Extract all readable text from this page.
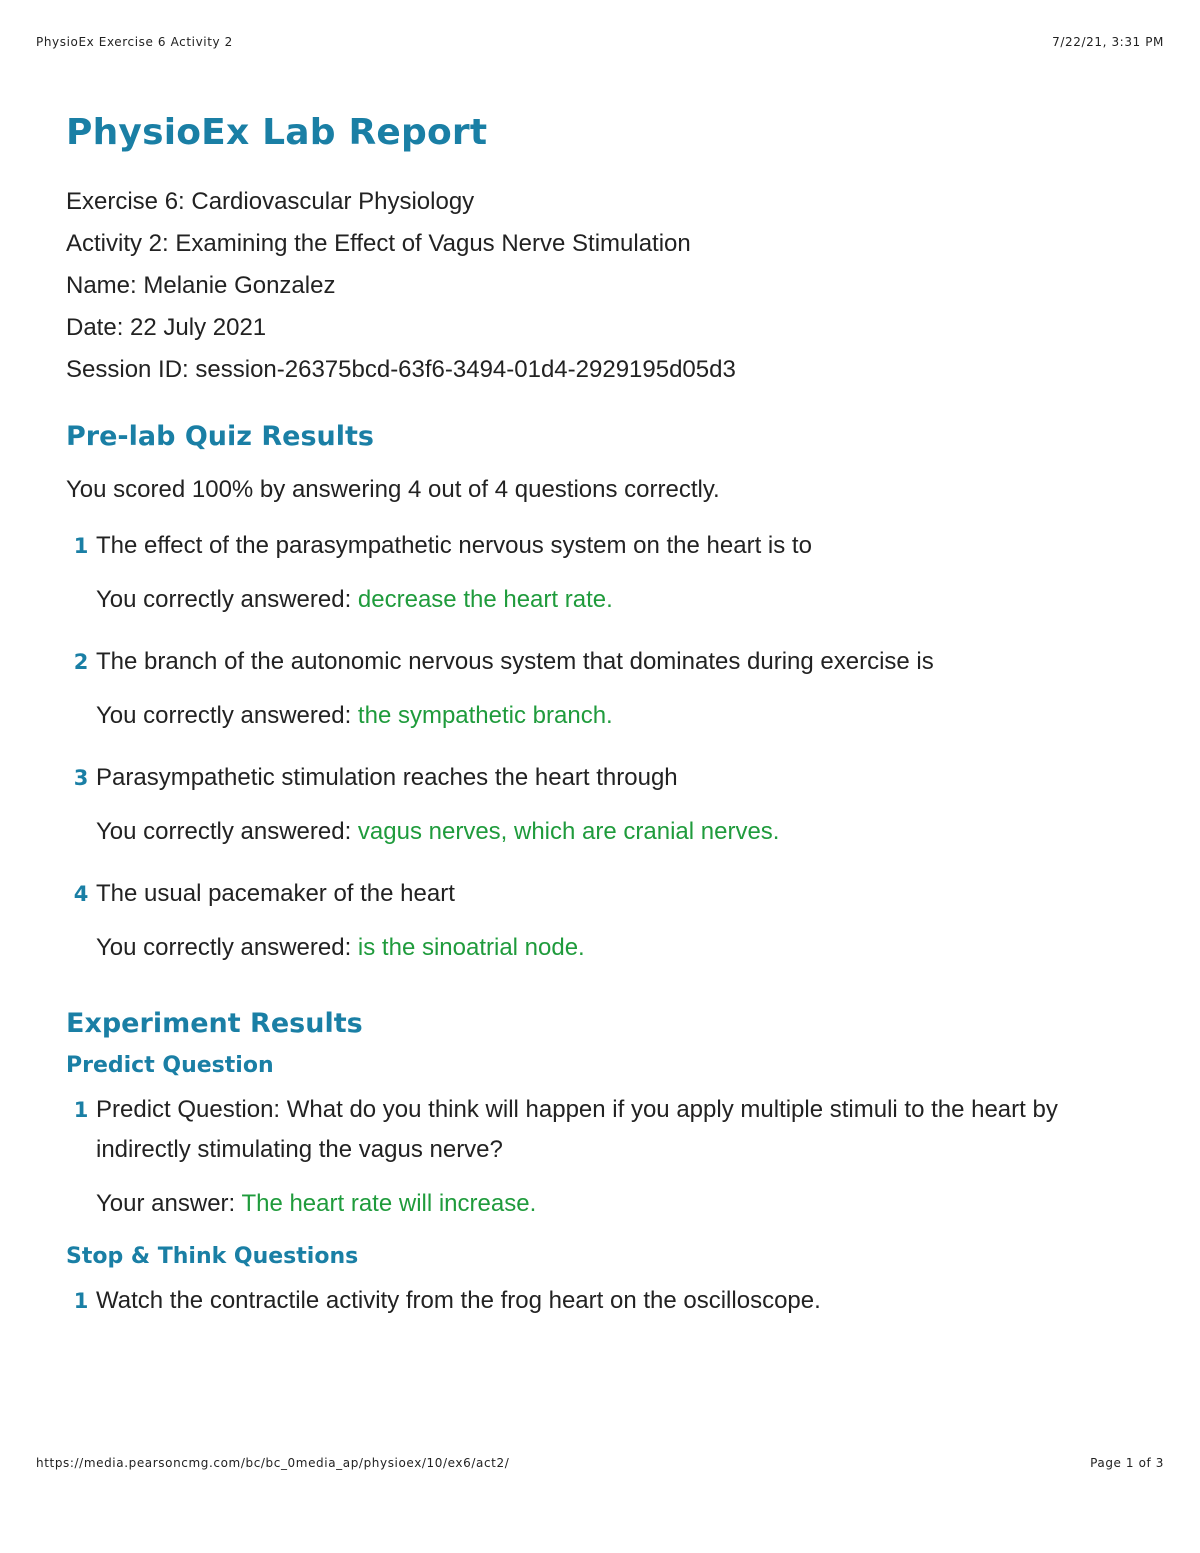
PhysioEx Exercise 6 Activity 2	7/22/21, 3:31 PM
PhysioEx Lab Report
Exercise 6: Cardiovascular Physiology
Activity 2: Examining the Effect of Vagus Nerve Stimulation
Name: Melanie Gonzalez
Date: 22 July 2021
Session ID: session-26375bcd-63f6-3494-01d4-2929195d05d3
Pre-lab Quiz Results
You scored 100% by answering 4 out of 4 questions correctly.
1 The effect of the parasympathetic nervous system on the heart is to
You correctly answered: decrease the heart rate.
2 The branch of the autonomic nervous system that dominates during exercise is
You correctly answered: the sympathetic branch.
3 Parasympathetic stimulation reaches the heart through
You correctly answered: vagus nerves, which are cranial nerves.
4 The usual pacemaker of the heart
You correctly answered: is the sinoatrial node.
Experiment Results
Predict Question
1 Predict Question: What do you think will happen if you apply multiple stimuli to the heart by indirectly stimulating the vagus nerve?
Your answer: The heart rate will increase.
Stop & Think Questions
1 Watch the contractile activity from the frog heart on the oscilloscope.
https://media.pearsoncmg.com/bc/bc_0media_ap/physioex/10/ex6/act2/	Page 1 of 3
